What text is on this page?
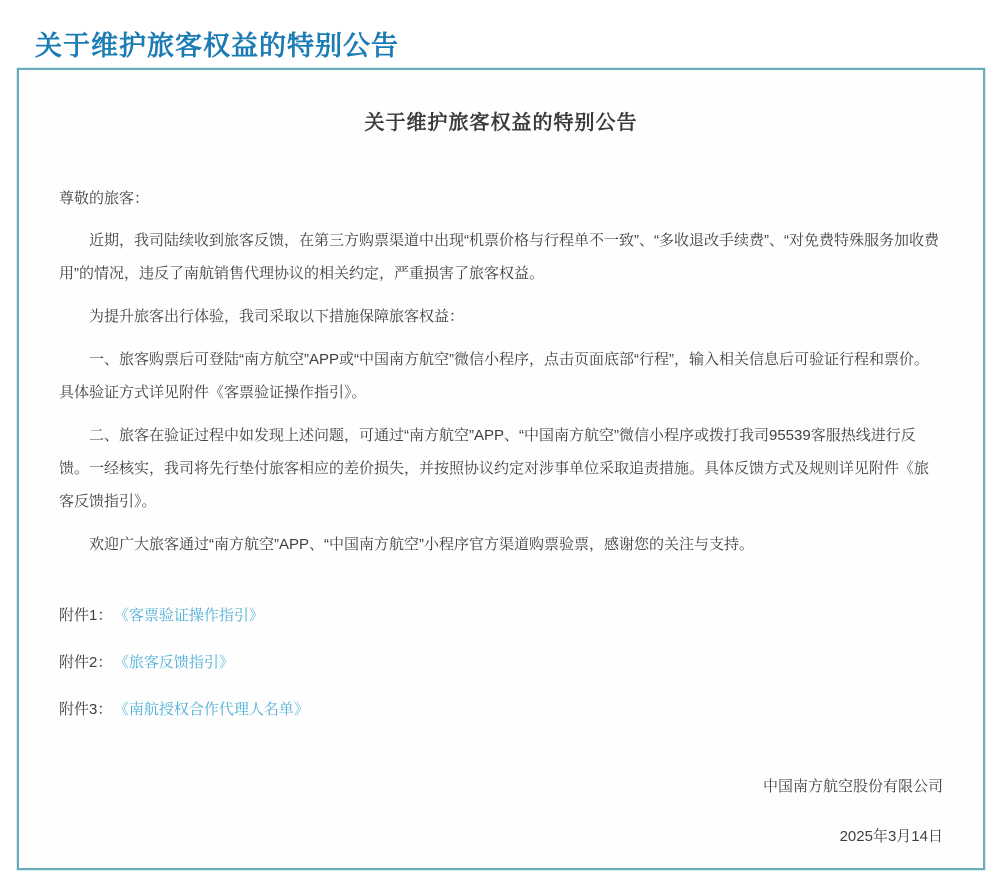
关于维护旅客权益的特别公告
关于维护旅客权益的特别公告

尊敬的旅客：

近期，我司陆续收到旅客反馈，在第三方购票渠道中出现“机票价格与行程单不一致”、“多收退改手续费”、“对免费特殊服务加收费用”的情况，违反了南航销售代理协议的相关约定，严重损害了旅客权益。

为提升旅客出行体验，我司采取以下措施保障旅客权益：

一、旅客购票后可登陆“南方航空”APP或“中国南方航空”微信小程序，点击页面底部“行程”，输入相关信息后可验证行程和票价。具体验证方式详见附件《客票验证操作指引》。

二、旅客在验证过程中如发现上述问题，可通过“南方航空”APP、“中国南方航空”微信小程序或拨打我司95539客服热线进行反馈。一经核实，我司将先行垫付旅客相应的差价损失，并按照协议约定对涉事单位采取追责措施。具体反馈方式及规则详见附件《旅客反馈指引》。

欢迎广大旅客通过“南方航空”APP、“中国南方航空”小程序官方渠道购票验票，感谢您的关注与支持。

附件1： 《客票验证操作指引》
附件2： 《旅客反馈指引》
附件3： 《南航授权合作代理人名单》
中国南方航空股份有限公司
2025年3月14日
